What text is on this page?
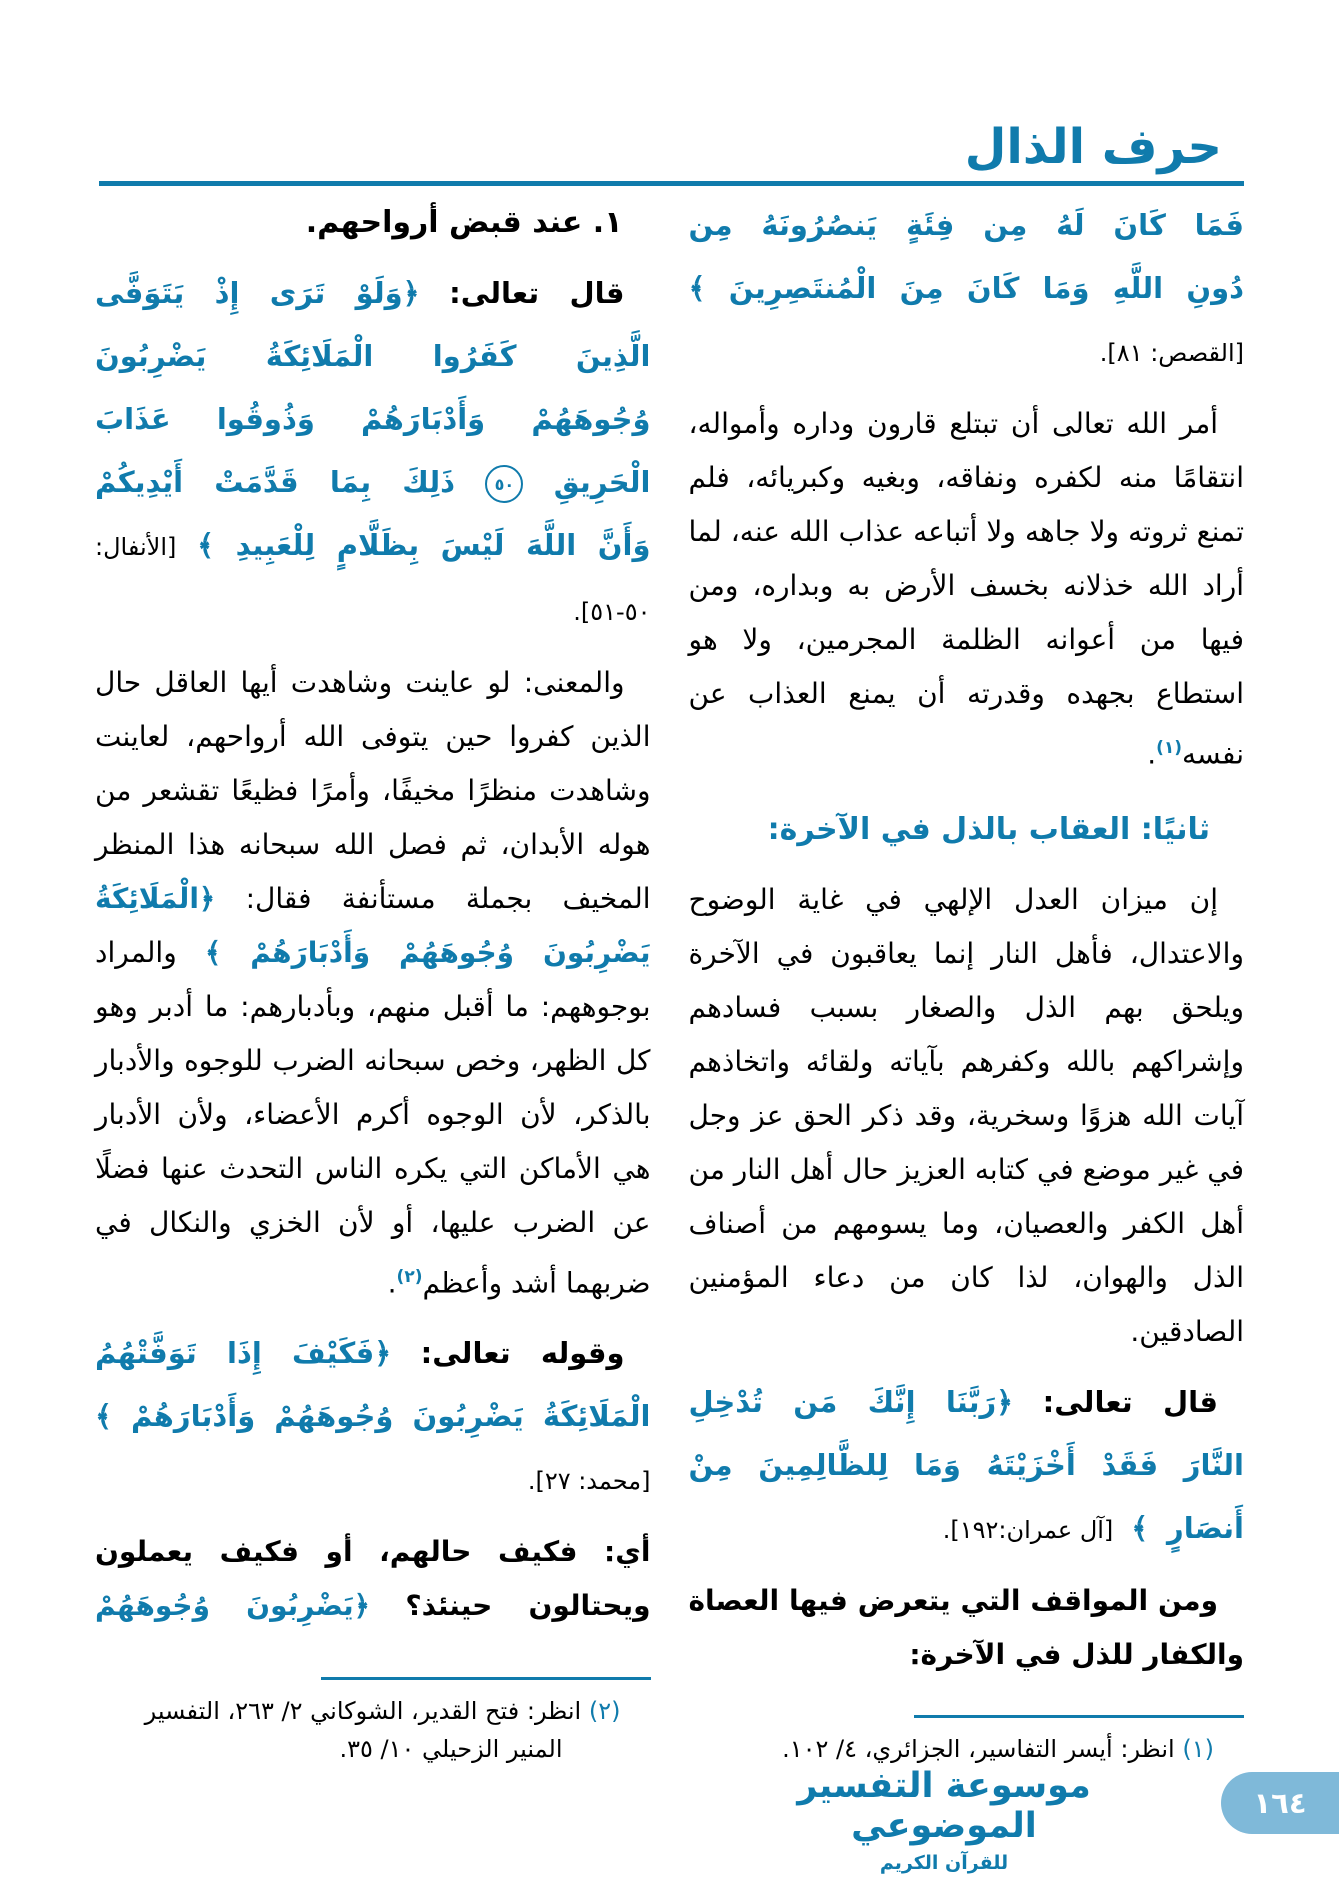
حرف الذال

فَمَا كَانَ لَهُ مِن فِئَةٍ يَنصُرُونَهُ مِن دُونِ اللَّهِ وَمَا كَانَ مِنَ الْمُنتَصِرِينَ ﴾ [القصص: ٨١].

أمر الله تعالى أن تبتلع قارون وداره وأمواله، انتقامًا منه لكفره ونفاقه، وبغيه وكبريائه، فلم تمنع ثروته ولا جاهه ولا أتباعه عذاب الله عنه، لما أراد الله خذلانه بخسف الأرض به وبداره، ومن فيها من أعوانه الظلمة المجرمين، ولا هو استطاع بجهده وقدرته أن يمنع العذاب عن نفسه$^{(١)}$.

ثانيًا: العقاب بالذل في الآخرة:

إن ميزان العدل الإلهي في غاية الوضوح والاعتدال، فأهل النار إنما يعاقبون في الآخرة ويلحق بهم الذل والصغار بسبب فسادهم وإشراكهم بالله وكفرهم بآياته ولقائه واتخاذهم آيات الله هزوًا وسخرية، وقد ذكر الحق عز وجل في غير موضع في كتابه العزيز حال أهل النار من أهل الكفر والعصيان، وما يسومهم من أصناف الذل والهوان، لذا كان من دعاء المؤمنين الصادقين.

قال تعالى: ﴿رَبَّنَا إِنَّكَ مَن تُدْخِلِ النَّارَ فَقَدْ أَخْزَيْتَهُ وَمَا لِلظَّالِمِينَ مِنْ أَنصَارٍ ﴾ [آل عمران:١٩٢].

ومن المواقف التي يتعرض فيها العصاة والكفار للذل في الآخرة:

(١) انظر: أيسر التفاسير، الجزائري، ٤/ ١٠٢.

١. عند قبض أرواحهم.

قال تعالى: ﴿وَلَوْ تَرَى إِذْ يَتَوَفَّى الَّذِينَ كَفَرُوا الْمَلَائِكَةُ يَضْرِبُونَ وُجُوهَهُمْ وَأَدْبَارَهُمْ وَذُوقُوا عَذَابَ الْحَرِيقِ ٥٠ ذَلِكَ بِمَا قَدَّمَتْ أَيْدِيكُمْ وَأَنَّ اللَّهَ لَيْسَ بِظَلَّامٍ لِلْعَبِيدِ ﴾ [الأنفال: ٥٠-٥١].

والمعنى: لو عاينت وشاهدت أيها العاقل حال الذين كفروا حين يتوفى الله أرواحهم، لعاينت وشاهدت منظرًا مخيفًا، وأمرًا فظيعًا تقشعر من هوله الأبدان، ثم فصل الله سبحانه هذا المنظر المخيف بجملة مستأنفة فقال: ﴿الْمَلَائِكَةُ يَضْرِبُونَ وُجُوهَهُمْ وَأَدْبَارَهُمْ ﴾ والمراد بوجوههم: ما أقبل منهم، وبأدبارهم: ما أدبر وهو كل الظهر، وخص سبحانه الضرب للوجوه والأدبار بالذكر، لأن الوجوه أكرم الأعضاء، ولأن الأدبار هي الأماكن التي يكره الناس التحدث عنها فضلًا عن الضرب عليها، أو لأن الخزي والنكال في ضربهما أشد وأعظم$^{(٢)}$.

وقوله تعالى: ﴿فَكَيْفَ إِذَا تَوَفَّتْهُمُ الْمَلَائِكَةُ يَضْرِبُونَ وُجُوهَهُمْ وَأَدْبَارَهُمْ ﴾ [محمد: ٢٧].

أي: فكيف حالهم، أو فكيف يعملون ويحتالون حينئذ؟ ﴿يَضْرِبُونَ وُجُوهَهُمْ

(٢) انظر: فتح القدير، الشوكاني ٢/ ٢٦٣، التفسير المنير الزحيلي ١٠/ ٣٥.

موسوعة التفسير الموضوعي
للقرآن الكريم
١٦٤
